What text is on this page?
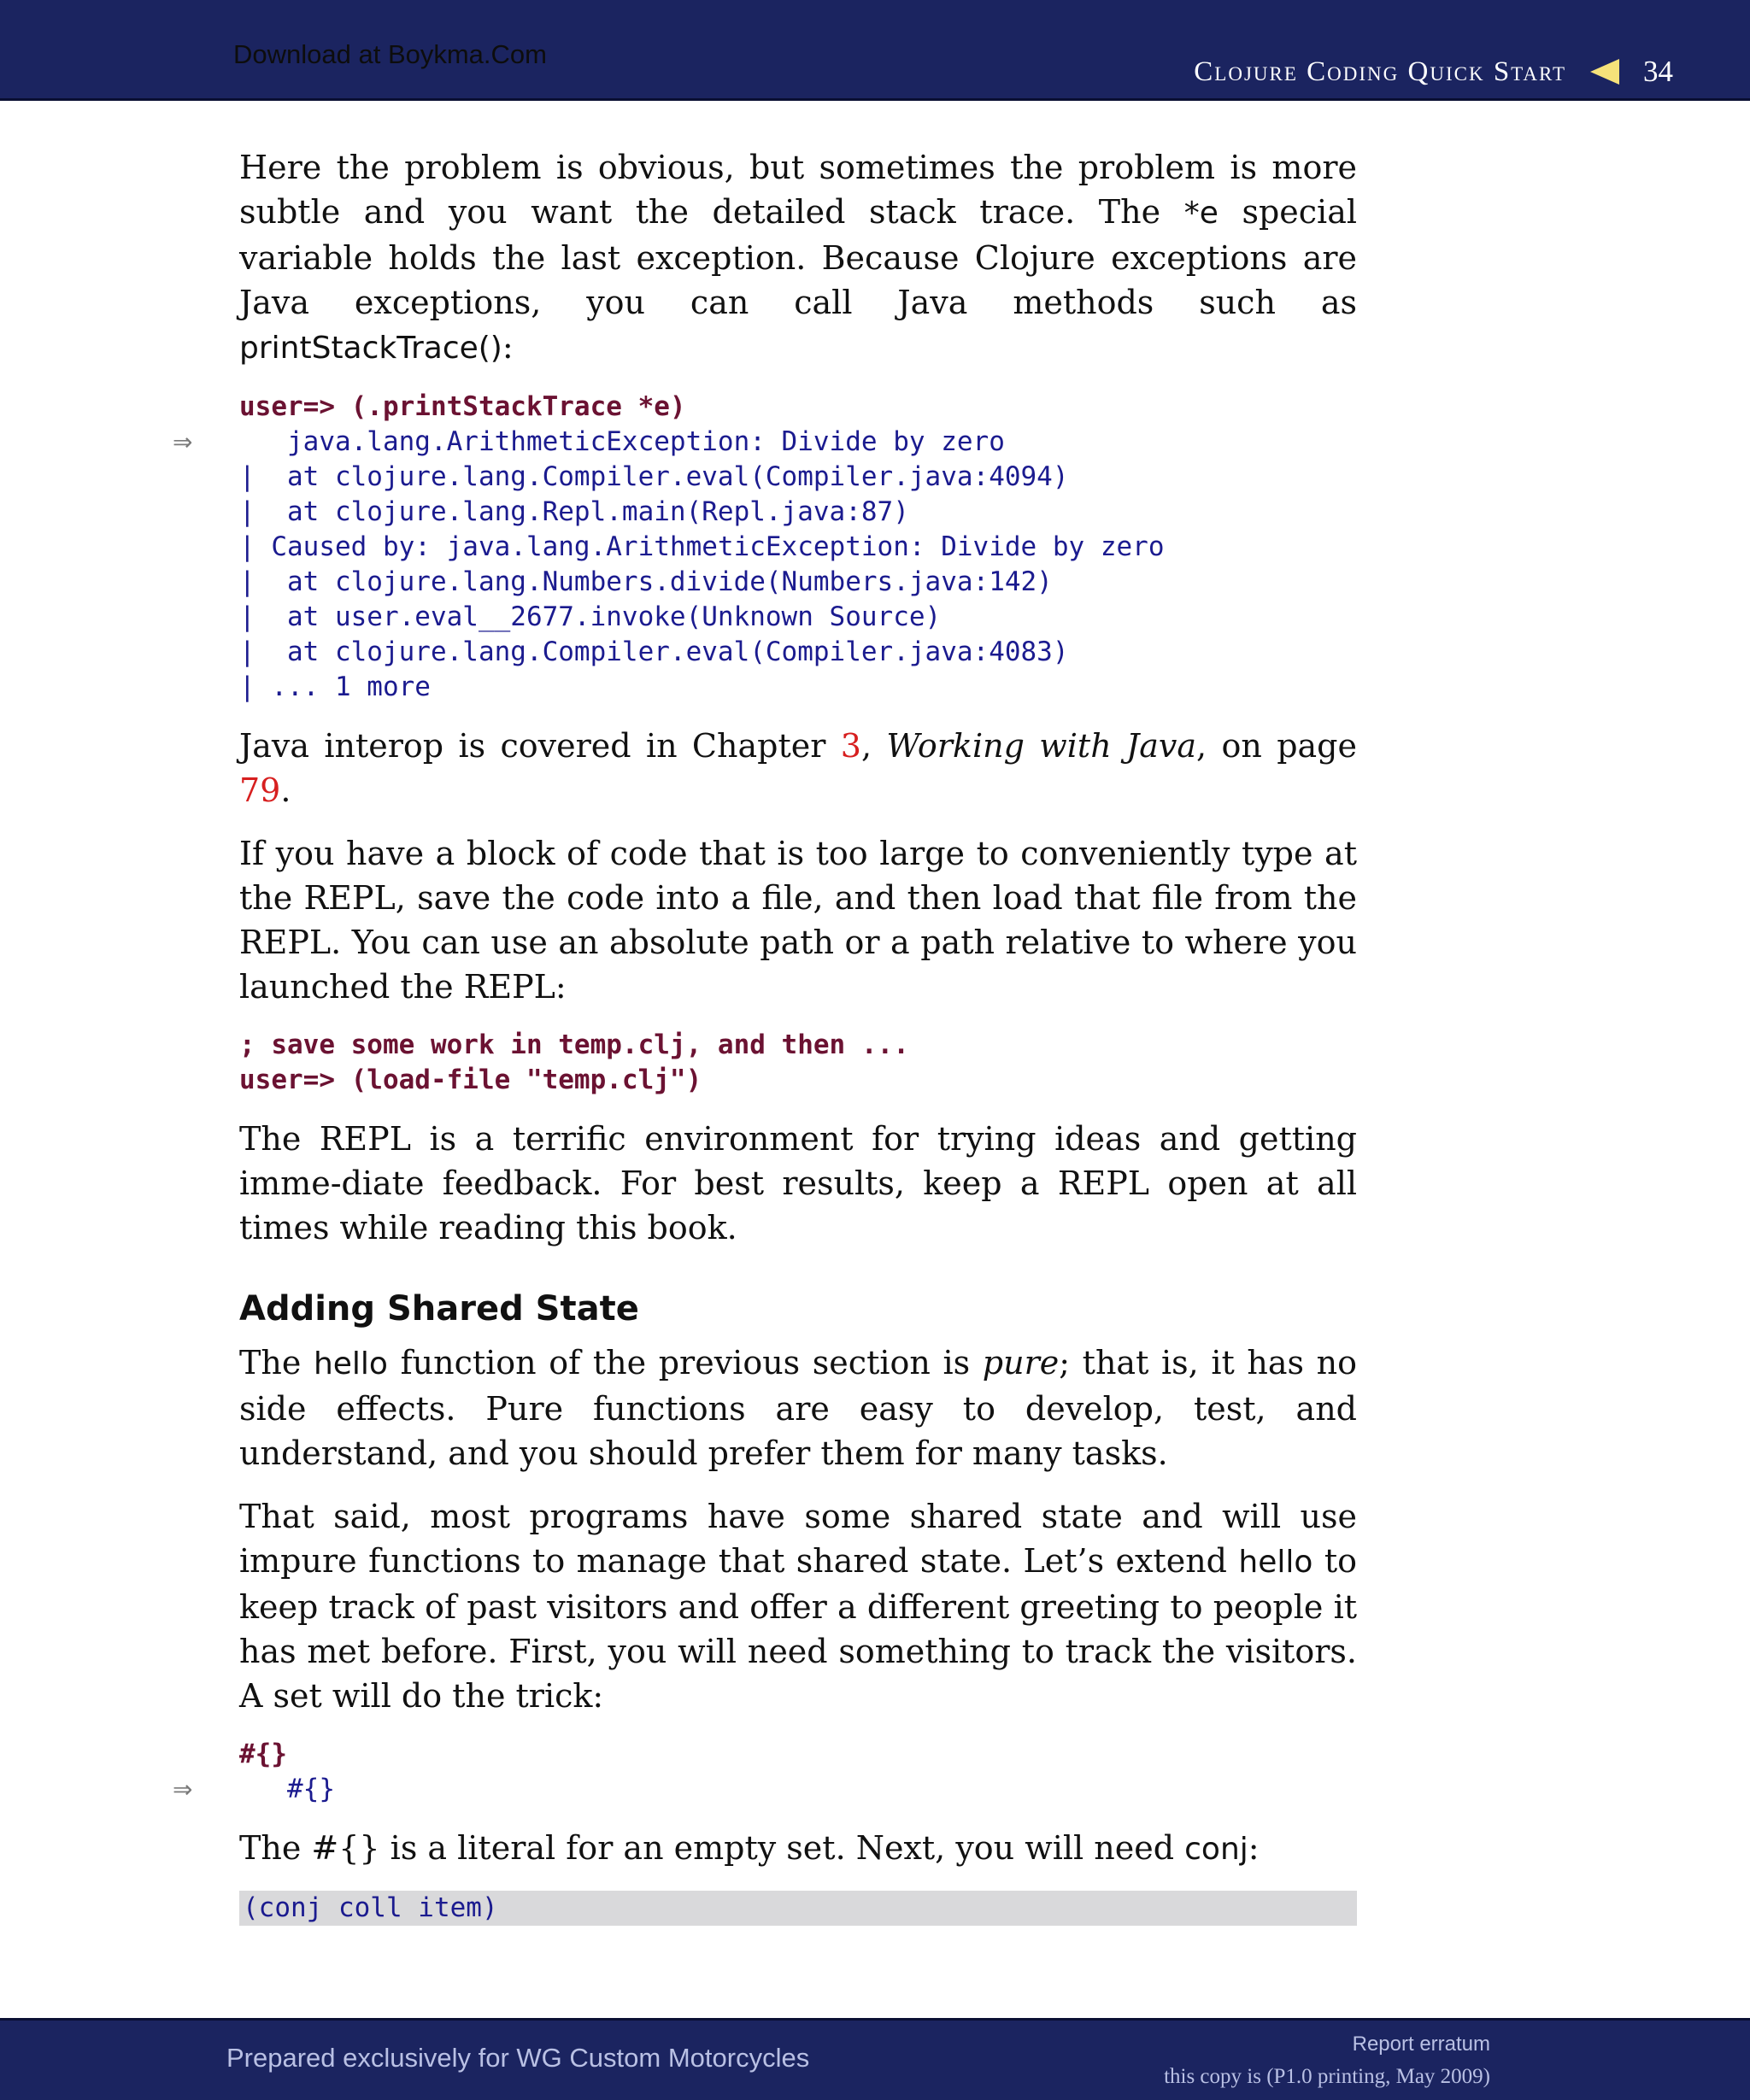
Download at Boykma.Com
Clojure Coding Quick Start	34

Here the problem is obvious, but sometimes the problem is more subtle and you want the detailed stack trace. The *e special variable holds the last exception. Because Clojure exceptions are Java exceptions, you can call Java methods such as printStackTrace():

user=> (.printStackTrace *e)
⇒ java.lang.ArithmeticException: Divide by zero
|  at clojure.lang.Compiler.eval(Compiler.java:4094)
|  at clojure.lang.Repl.main(Repl.java:87)
| Caused by: java.lang.ArithmeticException: Divide by zero
|  at clojure.lang.Numbers.divide(Numbers.java:142)
|  at user.eval__2677.invoke(Unknown Source)
|  at clojure.lang.Compiler.eval(Compiler.java:4083)
| ... 1 more

Java interop is covered in Chapter 3, Working with Java, on page 79.

If you have a block of code that is too large to conveniently type at the REPL, save the code into a file, and then load that file from the REPL. You can use an absolute path or a path relative to where you launched the REPL:

; save some work in temp.clj, and then ...
user=> (load-file "temp.clj")

The REPL is a terrific environment for trying ideas and getting imme-diate feedback. For best results, keep a REPL open at all times while reading this book.

Adding Shared State

The hello function of the previous section is pure; that is, it has no side effects. Pure functions are easy to develop, test, and understand, and you should prefer them for many tasks.

That said, most programs have some shared state and will use impure functions to manage that shared state. Let’s extend hello to keep track of past visitors and offer a different greeting to people it has met before. First, you will need something to track the visitors. A set will do the trick:

#{}
⇒ #{}

The #{} is a literal for an empty set. Next, you will need conj:

(conj coll item)
Prepared exclusively for WG Custom Motorcycles	Report erratum
this copy is (P1.0 printing, May 2009)
